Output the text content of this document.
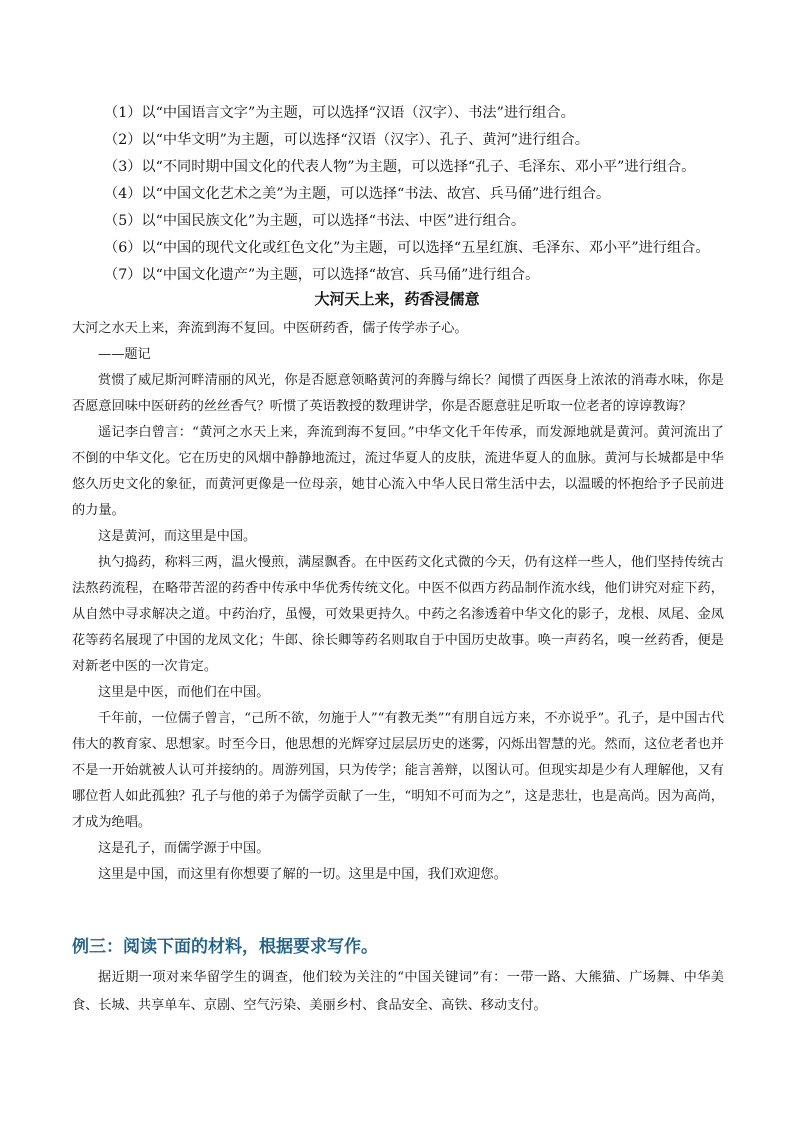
（1）以“中国语言文字”为主题，可以选择“汉语（汉字）、书法”进行组合。
（2）以“中华文明”为主题，可以选择“汉语（汉字）、孔子、黄河”进行组合。
（3）以“不同时期中国文化的代表人物”为主题，可以选择“孔子、毛泽东、邓小平”进行组合。
（4）以“中国文化艺术之美”为主题，可以选择“书法、故宫、兵马俑”进行组合。
（5）以“中国民族文化”为主题，可以选择“书法、中医”进行组合。
（6）以“中国的现代文化或红色文化”为主题，可以选择“五星红旗、毛泽东、邓小平”进行组合。
（7）以“中国文化遗产”为主题，可以选择“故宫、兵马俑”进行组合。
大河天上来，药香浸儒意

大河之水天上来，奔流到海不复回。中医研药香，儒子传学赤子心。

——题记

赏惯了威尼斯河畔清丽的风光，你是否愿意领略黄河的奔腾与绵长？闻惯了西医身上浓浓的消毒水味，你是否愿意回味中医研药的丝丝香气？听惯了英语教授的数理讲学，你是否愿意驻足听取一位老者的谆谆教诲？

遥记李白曾言：“黄河之水天上来，奔流到海不复回。”中华文化千年传承，而发源地就是黄河。黄河流出了不倒的中华文化。它在历史的风烟中静静地流过，流过华夏人的皮肤，流进华夏人的血脉。黄河与长城都是中华悠久历史文化的象征，而黄河更像是一位母亲，她甘心流入中华人民日常生活中去，以温暖的怀抱给予子民前进的力量。

这是黄河，而这里是中国。

执勺捣药，称料三两，温火慢煎，满屋飘香。在中医药文化式微的今天，仍有这样一些人，他们坚持传统古法熬药流程，在略带苦涩的药香中传承中华优秀传统文化。中医不似西方药品制作流水线，他们讲究对症下药，从自然中寻求解决之道。中药治疗，虽慢，可效果更持久。中药之名渗透着中华文化的影子，龙根、凤尾、金凤花等药名展现了中国的龙凤文化；牛郎、徐长卿等药名则取自于中国历史故事。唤一声药名，嗅一丝药香，便是对新老中医的一次肯定。

这里是中医，而他们在中国。

千年前，一位儒子曾言，“己所不欲，勿施于人”“有教无类”“有朋自远方来，不亦说乎”。孔子，是中国古代伟大的教育家、思想家。时至今日，他思想的光辉穿过层层历史的迷雾，闪烁出智慧的光。然而，这位老者也并不是一开始就被人认可并接纳的。周游列国，只为传学；能言善辩，以图认可。但现实却是少有人理解他，又有哪位哲人如此孤独？孔子与他的弟子为儒学贡献了一生，“明知不可而为之”，这是悲壮，也是高尚。因为高尚，才成为绝唱。

这是孔子，而儒学源于中国。

这里是中国，而这里有你想要了解的一切。这里是中国，我们欢迎您。

例三：阅读下面的材料，根据要求写作。

据近期一项对来华留学生的调查，他们较为关注的“中国关键词”有：一带一路、大熊猫、广场舞、中华美食、长城、共享单车、京剧、空气污染、美丽乡村、食品安全、高铁、移动支付。
